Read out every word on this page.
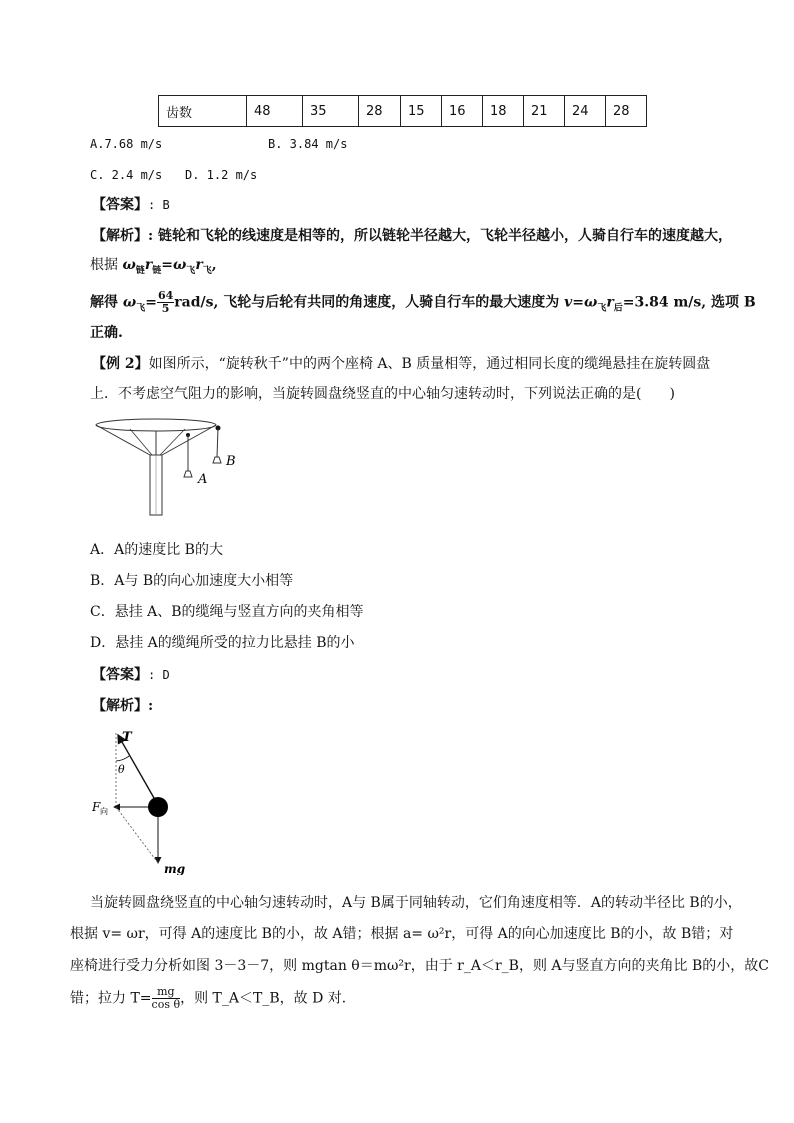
齿数	48	35	28	15	16	18	21	24	28
A.7.68 m/s	B. 3.84 m/s
C. 2.4 m/s D. 1.2 m/s
【答案】: B
【解析】: 链轮和飞轮的线速度是相等的，所以链轮半径越大，飞轮半径越小，人骑自行车的速度越大，
根据 $\omega_链r_链=\omega_飞r_飞$,
解得 $\omega_飞= \frac{64}{5} rad/s$, 飞轮与后轮有共同的角速度，人骑自行车的最大速度为 $v=\omega_飞r_后=3.84$ m/s, 选项 B
正确.
【例 2】如图所示，“旋转秋千”中的两个座椅 A、B 质量相等，通过相同长度的缆绳悬挂在旋转圆盘
上．不考虑空气阻力的影响，当旋转圆盘绕竖直的中心轴匀速转动时，下列说法正确的是(　　)
A
B
A．A的速度比 B的大
B．A与 B的向心加速度大小相等
C．悬挂 A、B的缆绳与竖直方向的夹角相等
D．悬挂 A的缆绳所受的拉力比悬挂 B的小
【答案】: D
【解析】:
T
θ
F 向
mg
当旋转圆盘绕竖直的中心轴匀速转动时，A与 B属于同轴转动，它们角速度相等．A的转动半径比 B的小，
根据 v= ωr，可得 A的速度比 B的小，故 A错；根据 a= ω²r，可得 A的向心加速度比 B的小，故 B错；对
座椅进行受力分析如图 3－3－7，则 mgtan θ＝mω²r，由于 r_A＜r_B，则 A与竖直方向的夹角比 B的小，故C
错；拉力 $T= \frac{mg}{\text{cos θ}}$ ，则 T_A＜T_B，故 D 对．
